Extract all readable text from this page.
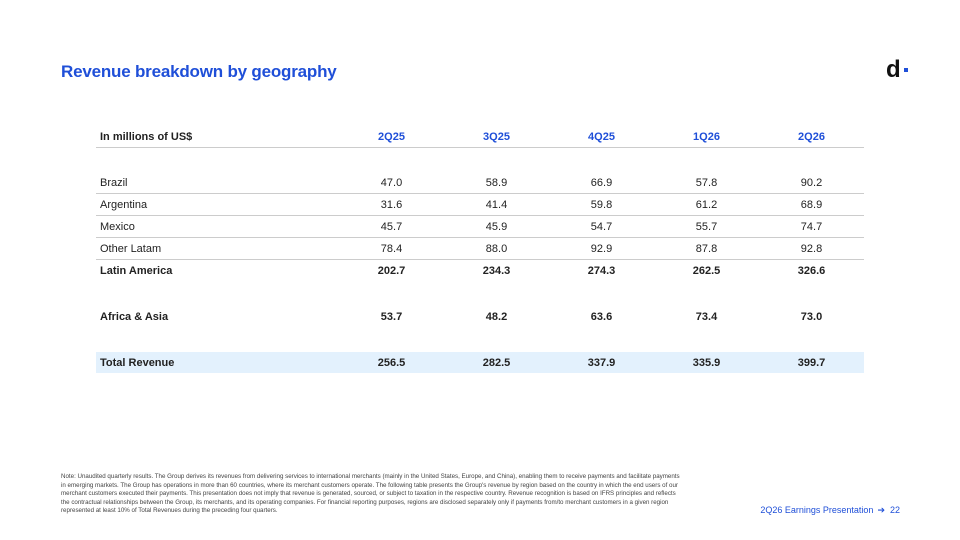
Revenue breakdown by geography	d
In millions of US$	2Q25	3Q25	4Q25	1Q26	2Q26

Brazil	47.0	58.9	66.9	57.8	90.2
Argentina	31.6	41.4	59.8	61.2	68.9
Mexico	45.7	45.9	54.7	55.7	74.7
Other Latam	78.4	88.0	92.9	87.8	92.8
Latin America	202.7	234.3	274.3	262.5	326.6

Africa & Asia	53.7	48.2	63.6	73.4	73.0

Total Revenue	256.5	282.5	337.9	335.9	399.7
Note: Unaudited quarterly results. The Group derives its revenues from delivering services to international merchants (mainly in the United States, Europe, and China), enabling them to receive payments and facilitate payments in emerging markets. The Group has operations in more than 60 countries, where its merchant customers operate. The following table presents the Group's revenue by region based on the country in which the end users of our merchant customers executed their payments. This presentation does not imply that revenue is generated, sourced, or subject to taxation in the respective country. Revenue recognition is based on IFRS principles and reflects the contractual relationships between the Group, its merchants, and its operating companies. For financial reporting purposes, regions are disclosed separately only if payments from/to merchant customers in a given region represented at least 10% of Total Revenues during the preceding four quarters.	2Q26 Earnings Presentation ➔ 22
